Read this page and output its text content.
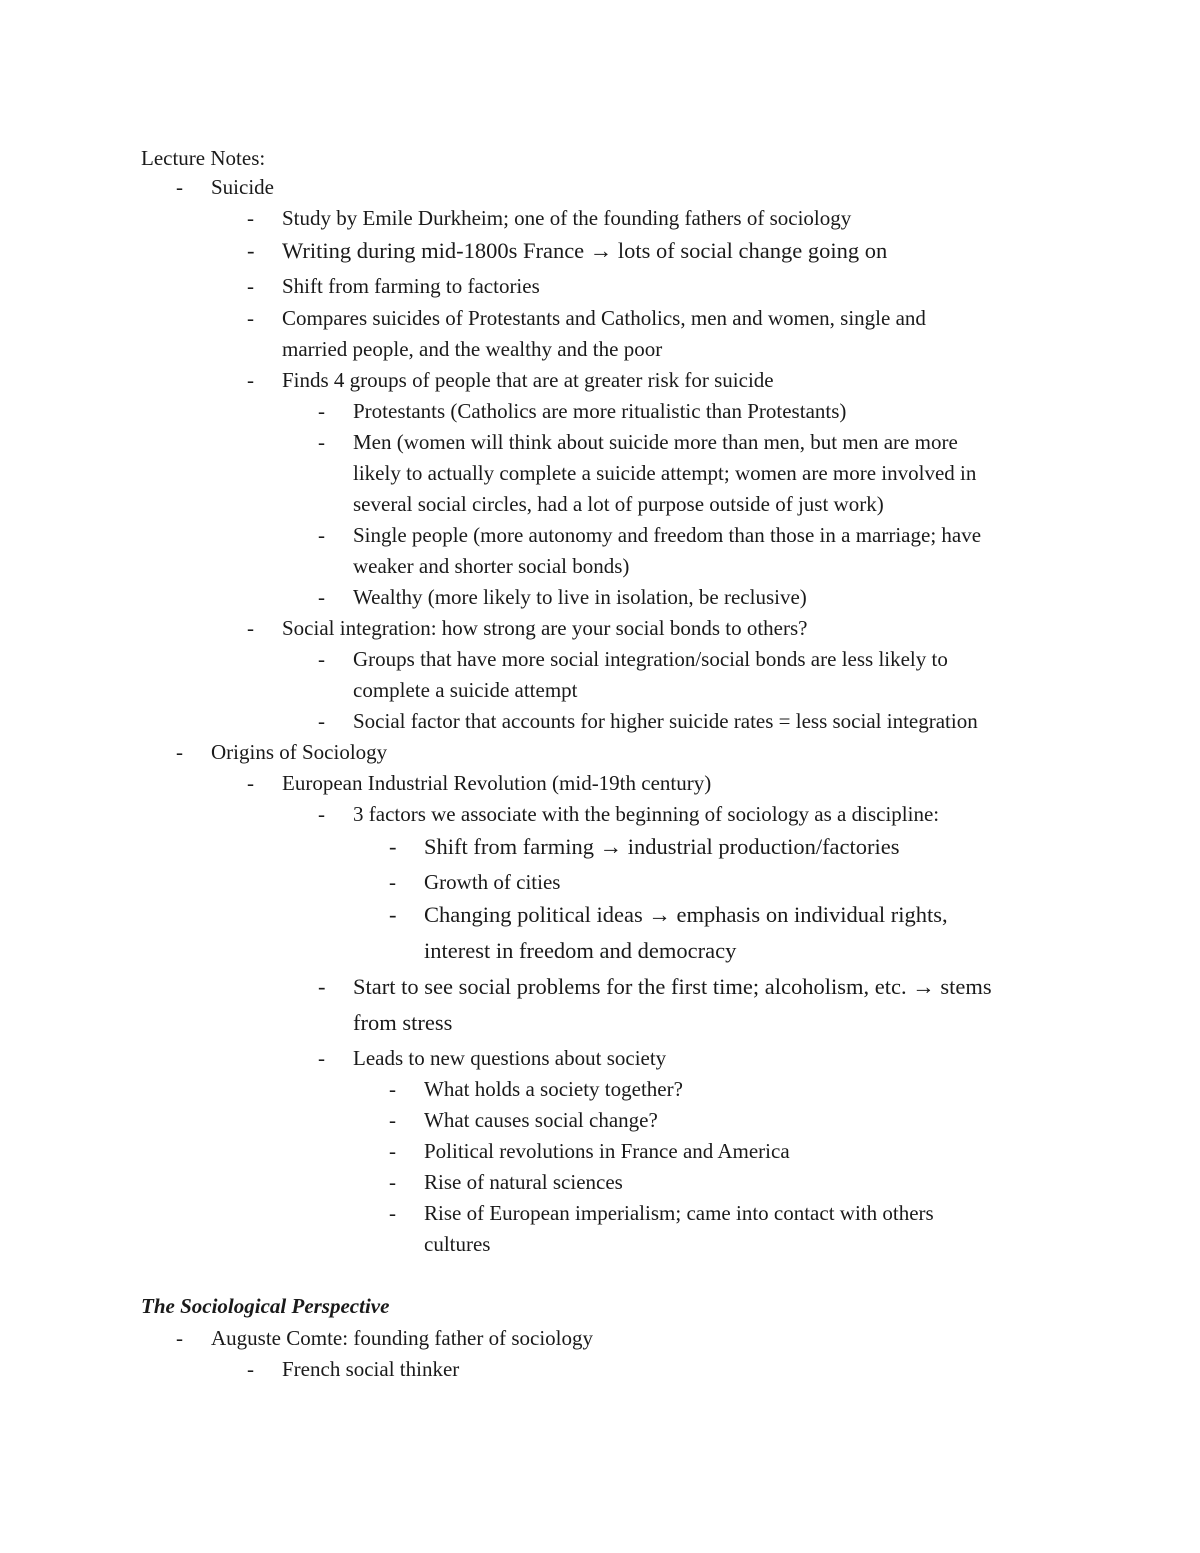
Lecture Notes:
- Suicide
- Study by Emile Durkheim; one of the founding fathers of sociology
- Writing during mid-1800s France → lots of social change going on
- Shift from farming to factories
- Compares suicides of Protestants and Catholics, men and women, single and
married people, and the wealthy and the poor
- Finds 4 groups of people that are at greater risk for suicide
- Protestants (Catholics are more ritualistic than Protestants)
- Men (women will think about suicide more than men, but men are more
likely to actually complete a suicide attempt; women are more involved in
several social circles, had a lot of purpose outside of just work)
- Single people (more autonomy and freedom than those in a marriage; have
weaker and shorter social bonds)
- Wealthy (more likely to live in isolation, be reclusive)
- Social integration: how strong are your social bonds to others?
- Groups that have more social integration/social bonds are less likely to
complete a suicide attempt
- Social factor that accounts for higher suicide rates = less social integration
- Origins of Sociology
- European Industrial Revolution (mid-19th century)
- 3 factors we associate with the beginning of sociology as a discipline:
- Shift from farming → industrial production/factories
- Growth of cities
- Changing political ideas → emphasis on individual rights,
interest in freedom and democracy
- Start to see social problems for the first time; alcoholism, etc. → stems
from stress
- Leads to new questions about society
- What holds a society together?
- What causes social change?
- Political revolutions in France and America
- Rise of natural sciences
- Rise of European imperialism; came into contact with others
cultures
The Sociological Perspective
- Auguste Comte: founding father of sociology
- French social thinker
